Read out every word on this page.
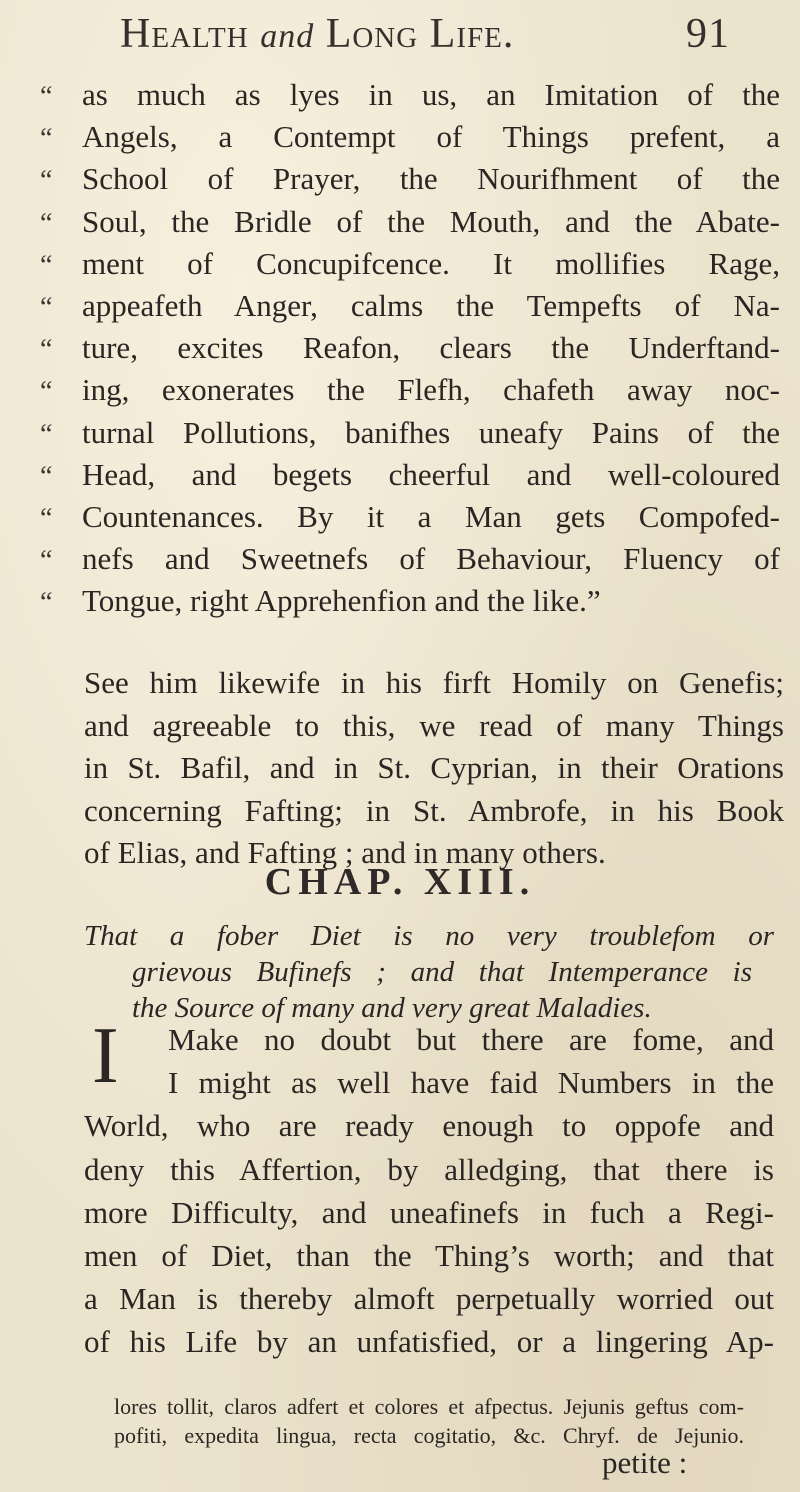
Health and Long Life.	91
“ as much as lyes in us, an Imitation of the
“ Angels, a Contempt of Things prefent, a
“ School of Prayer, the Nourifhment of the
“ Soul, the Bridle of the Mouth, and the Abate-
“ ment of Concupifcence. It mollifies Rage,
“ appeafeth Anger, calms the Tempefts of Na-
“ ture, excites Reafon, clears the Underftand-
“ ing, exonerates the Flefh, chafeth away noc-
“ turnal Pollutions, banifhes uneafy Pains of the
“ Head, and begets cheerful and well-coloured
“ Countenances. By it a Man gets Compofed-
“ nefs and Sweetnefs of Behaviour, Fluency of
“ Tongue, right Apprehenfion and the like.”
See him likewife in his firft Homily on Genefis;
and agreeable to this, we read of many Things
in St. Bafil, and in St. Cyprian, in their Orations
concerning Fafting; in St. Ambrofe, in his Book
of Elias, and Fafting ; and in many others.
CHAP. XIII.
That a fober Diet is no very troublefom or
grievous Bufinefs ; and that Intemperance is
the Source of many and very great Maladies.
I	Make no doubt but there are fome, and
I might as well have faid Numbers in the
World, who are ready enough to oppofe and
deny this Affertion, by alledging, that there is
more Difficulty, and uneafinefs in fuch a Regi-
men of Diet, than the Thing’s worth; and that
a Man is thereby almoft perpetually worried out
of his Life by an unfatisfied, or a lingering Ap-
lores tollit, claros adfert et colores et afpectus. Jejunis geftus com-
pofiti, expedita lingua, recta cogitatio, &c. Chryf. de Jejunio.
petite :
